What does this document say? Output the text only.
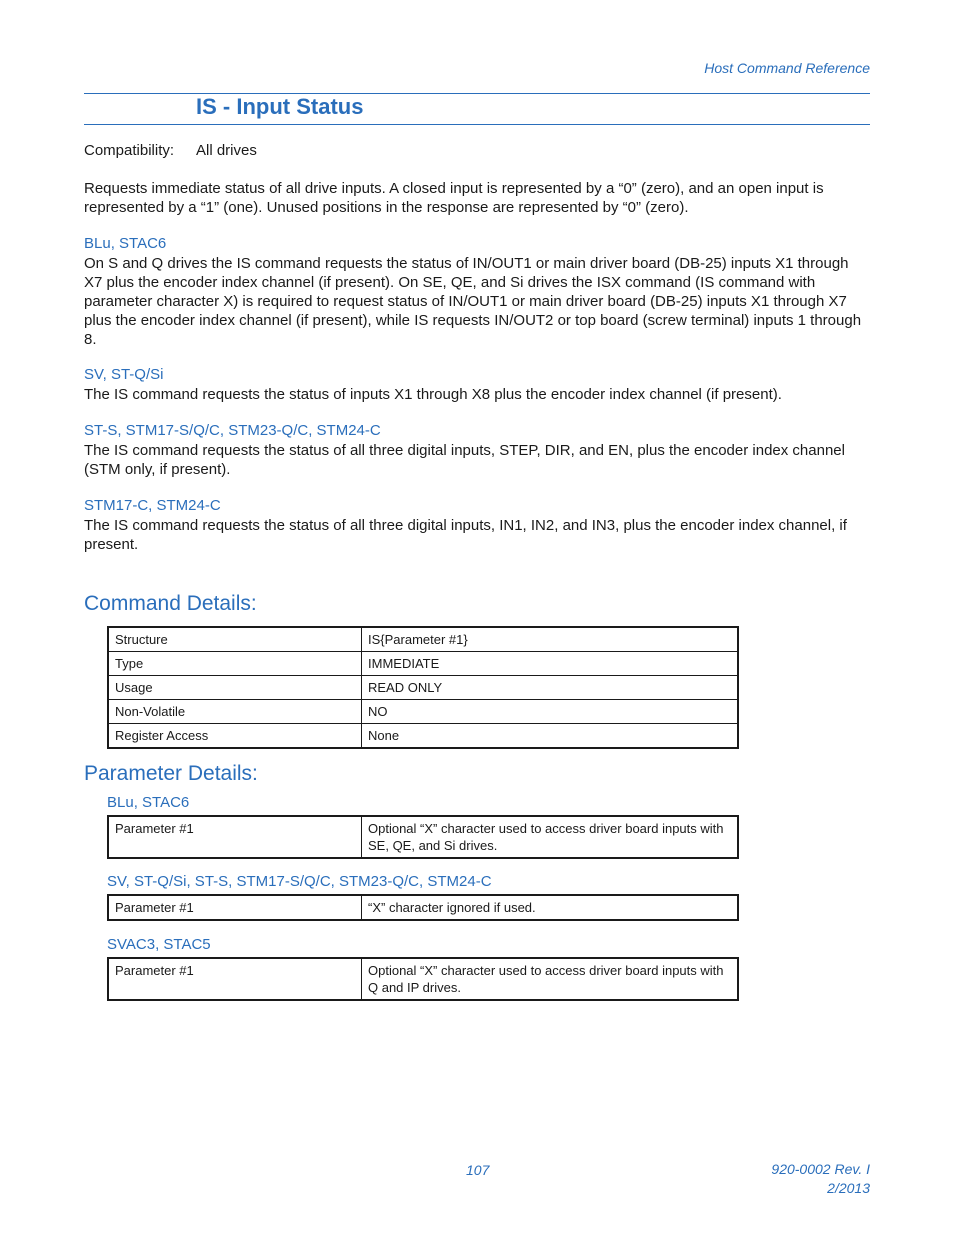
Host Command Reference
IS - Input Status
Compatibility: All drives
Requests immediate status of all drive inputs. A closed input is represented by a “0” (zero), and an open input is represented by a “1” (one). Unused positions in the response are represented by “0” (zero).
BLu, STAC6
On S and Q drives the IS command requests the status of IN/OUT1 or main driver board (DB-25) inputs X1 through X7 plus the encoder index channel (if present). On SE, QE, and Si drives the ISX command (IS command with parameter character X) is required to request status of IN/OUT1 or main driver board (DB-25) inputs X1 through X7 plus the encoder index channel (if present), while IS requests IN/OUT2 or top board (screw terminal) inputs 1 through 8.
SV, ST-Q/Si
The IS command requests the status of inputs X1 through X8 plus the encoder index channel (if present).
ST-S, STM17-S/Q/C, STM23-Q/C, STM24-C
The IS command requests the status of all three digital inputs, STEP, DIR, and EN, plus the encoder index channel (STM only, if present).
STM17-C, STM24-C
The IS command requests the status of all three digital inputs, IN1, IN2, and IN3, plus the encoder index channel, if present.
Command Details:
Structure	IS{Parameter #1}
Type	IMMEDIATE
Usage	READ ONLY
Non-Volatile	NO
Register Access	None
Parameter Details:
BLu, STAC6
Parameter #1	Optional “X” character used to access driver board inputs with SE, QE, and Si drives.
SV, ST-Q/Si, ST-S, STM17-S/Q/C, STM23-Q/C, STM24-C
Parameter #1	“X” character ignored if used.
SVAC3, STAC5
Parameter #1	Optional “X” character used to access driver board inputs with Q and IP drives.
107	920-0002 Rev. I
2/2013
